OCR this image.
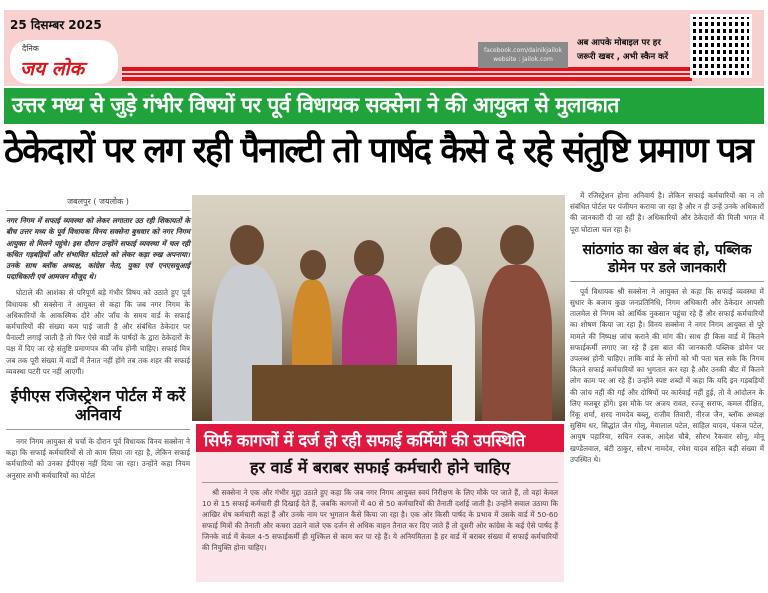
25 दिसम्बर 2025
दैनिक
जय लोक
facebook.com/dainikjailok
website : jailok.com
अब आपके मोबाइल पर हर
जरूरी खबर , अभी स्कैन करें
उत्तर मध्य से जुड़े गंभीर विषयों पर पूर्व विधायक सक्सेना ने की आयुक्त से मुलाकात
ठेकेदारों पर लग रही पैनाल्टी तो पार्षद कैसे दे रहे संतुष्टि प्रमाण पत्र
जबलपुर ( जयलोक )
नगर निगम में सफाई व्यवस्था को लेकर लगातार उठ रही शिकायतों के बीच उत्तर मध्य के पूर्व विधायक विनय सक्सेना बुधवार को नगर निगम आयुक्त से मिलने पहुंचे। इस दौरान उन्होंने सफाई व्यवस्था में चल रही कथित गड़बड़ियों और संभावित घोटाले को लेकर कड़ा रुख अपनाया। उनके साथ ब्लॉक अध्यक्ष, कांग्रेस नेता, युका एवं एनएसयूआई पदाधिकारी एवं आमजन मौजूद थे।
घोटाले की आशंका से परिपूर्ण बड़े गंभीर विषय को उठाते हुए पूर्व विधायक श्री सक्सेना ने आयुक्त से कहा कि जब नगर निगम के अधिकारियों के आकस्मिक दौरे और जाँच के समय वार्ड के सफाई कर्मचारियों की संख्या कम पाई जाती है और संबंधित ठेकेदार पर पैनाल्टी लगाई जाती है तो फिर ऐसे वार्डों के पार्षदों के द्वारा ठेकेदारों के पक्ष में दिए जा रहे संतुष्टि प्रमाणपत्र की जाँच होनी चाहिए। सफाई मित्र जब तक पूरी संख्या में वार्डों में तैनात नहीं होंगे तब तक शहर की सफाई व्यवस्था पटरी पर नहीं आएगी।
ईपीएस रजिस्ट्रेशन पोर्टल में करें अनिवार्य
नगर निगम आयुक्त से चर्चा के दौरान पूर्व विधायक विनय सक्सेना ने कहा कि सफाई कर्मचारियों से तो काम लिया जा रहा है, लेकिन सफाई कर्मचारियों को उनका ईपीएस नहीं दिया जा रहा। उन्होंने कहा नियम अनुसार सभी कर्मचारियों का पोर्टल
सिर्फ कागजों में दर्ज हो रही सफाई कर्मियों की उपस्थिति
हर वार्ड में बराबर सफाई कर्मचारी होने चाहिए
श्री सक्सेना ने एक और गंभीर मुद्दा उठाते हुए कहा कि जब नगर निगम आयुक्त स्वयं निरीक्षण के लिए मौके पर जाते हैं, तो वहां केवल 10 से 15 सफाई कर्मचारी ही दिखाई देते हैं, जबकि कागजों में 40 से 50 कर्मचारियों की तैनाती दर्शाई जाती है। उन्होंने सवाल उठाया कि आखिर शेष कर्मचारी कहां हैं और उनके नाम पर भुगतान कैसे किया जा रहा है। एक ओर किसी पार्षद के प्रभाव में उसके वार्ड में 50-60 सफाई मित्रों की तैनाती और कचरा उठाने वाले एक दर्जन से अधिक वाहन तैनात कर दिए जाते हैं तो दूसरी ओर कांग्रेस के कई ऐसे पार्षद हैं जिनके वार्ड में केवल 4-5 सफाईकर्मी ही मुश्किल से काम कर पा रहे हैं। ये अनियमितता है हर वार्ड में बराबर संख्या में सफाई कर्मचारियों की नियुक्ति होना चाहिए।
में रजिस्ट्रेशन होना अनिवार्य है। लेकिन सफाई कर्मचारियों का न तो संबंधित पोर्टल पर पंजीयन कराया जा रहा है और न ही उन्हें उनके अधिकारों की जानकारी दी जा रही है। अधिकारियों और ठेकेदारों की मिली भगत में पूरा घोटाला चल रहा है।
सांठगांठ का खेल बंद हो, पब्लिक डोमेन पर डले जानकारी
पूर्व विधायक श्री सक्सेना ने आयुक्त से कहा कि सफाई व्यवस्था में सुधार के बजाय कुछ जनप्रतिनिधि, निगम अधिकारी और ठेकेदार आपसी तालमेल से निगम को आर्थिक नुकसान पहुंचा रहे हैं और सफाई कर्मचारियों का शोषण किया जा रहा है। विनय सक्सेना ने नगर निगम आयुक्त से पूरे मामले की निष्पक्ष जांच कराने की मांग की। साथ ही किस वार्ड में कितने सफाईकर्मी लगाए जा रहे हैं इस बात की जानकारी पब्लिक डोमेन पर उपलब्ध होनी चाहिए। ताकि वार्ड के लोगों को भी पता चल सके कि निगम कितने सफाई कर्मचारियों का भुगतान कर रहा है और उनकी बीट में कितने लोग काम पर आ रहे हैं। उन्होंने स्पष्ट शब्दों में कहा कि यदि इन गड़बड़ियों की जांच नहीं की गई और दोषियों पर कार्रवाई नहीं हुई, तो वे आंदोलन के लिए मजबूर होंगे। इस मौके पर अजय रावत, रज्जू सराफ, कमल दीक्षित, रिंकू शर्मा, शरद नामदेव बब्लू, राजीव तिवारी, नीरज जैन, ब्लॉक अध्यक्ष सुसिम धर, सिद्धांत जैन गोलू, मेवालाल पटेल, साहिल यादव, पंकज पटेल, आयुष पहारिया, सचिन रजक, आदेश चौबे, सौरभ रैकवार सोनू, मोनू खण्डेलवाल, बंटी ठाकुर, सौरभ नामदेव, रमेश यादव सहित बड़ी संख्या में उपस्थित थे।
